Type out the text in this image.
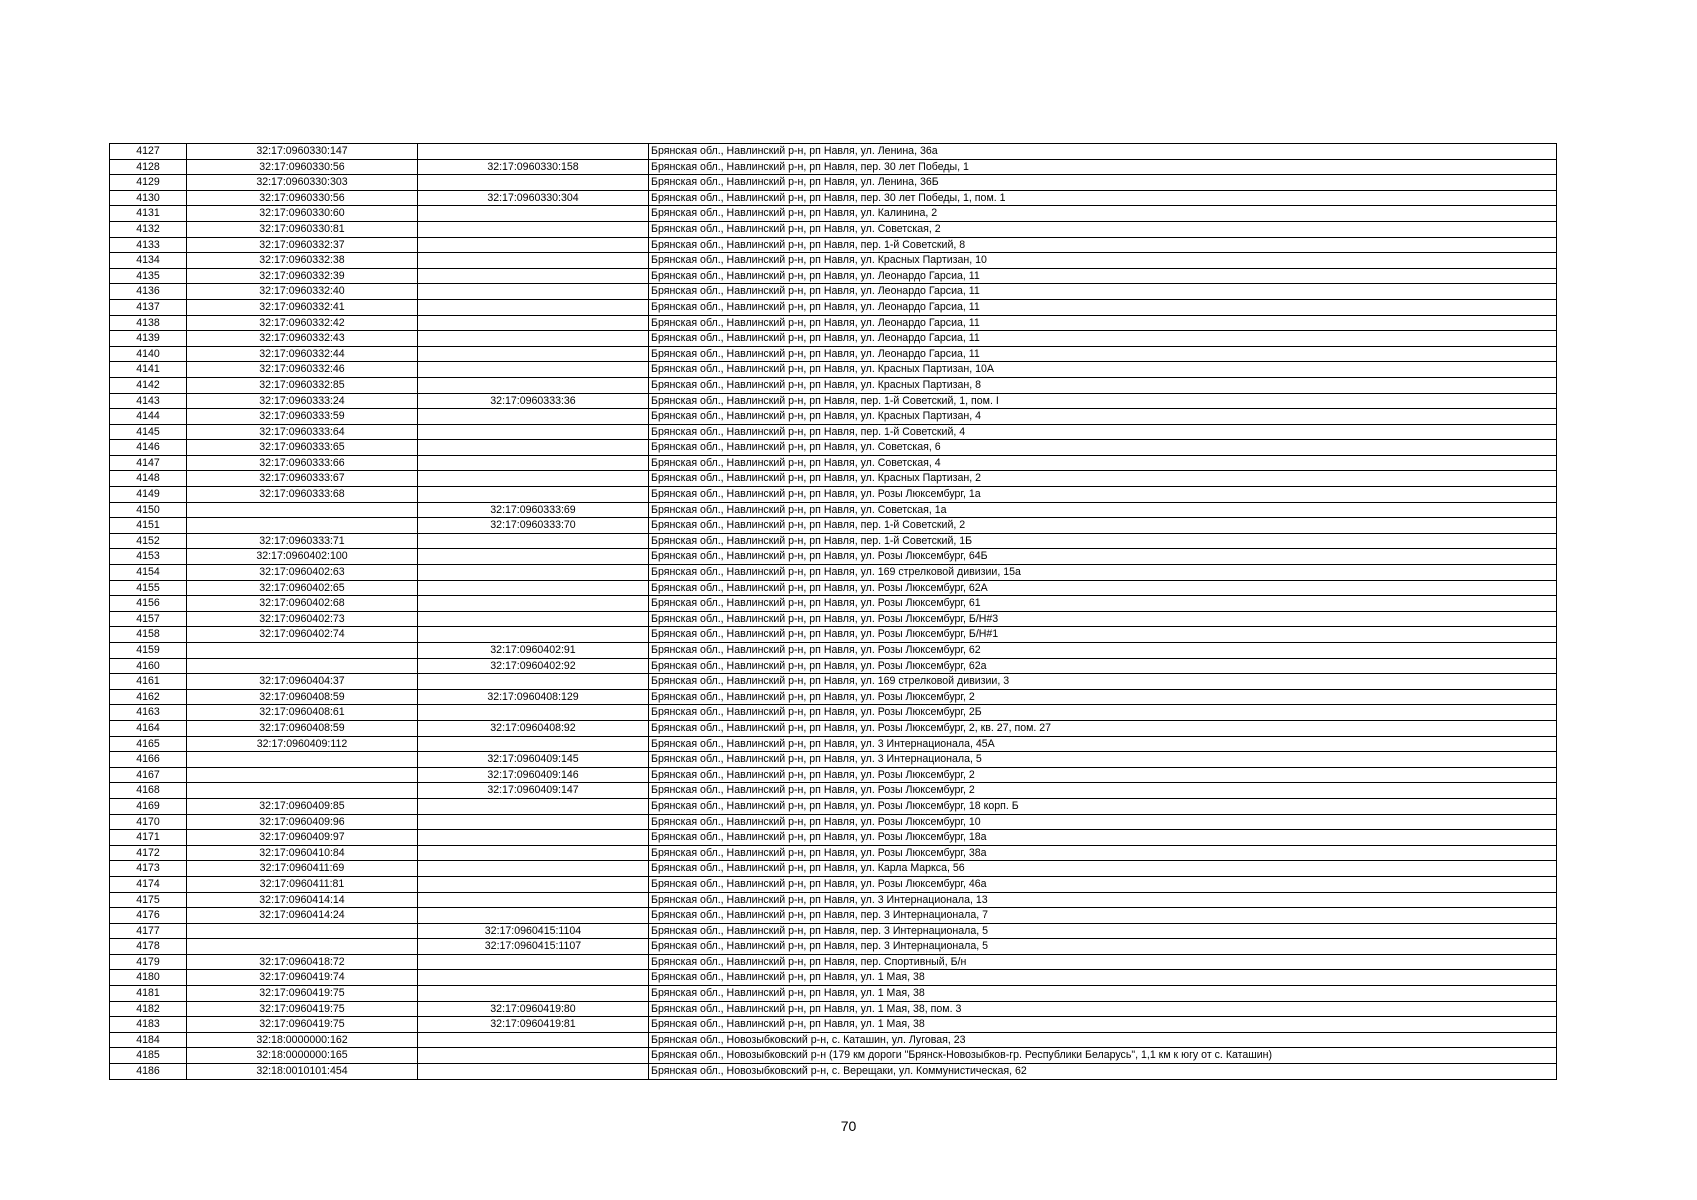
4127	32:17:0960330:147		Брянская обл., Навлинский р-н, рп Навля, ул. Ленина, 36а
4128	32:17:0960330:56	32:17:0960330:158	Брянская обл., Навлинский р-н, рп Навля, пер. 30 лет Победы, 1
4129	32:17:0960330:303		Брянская обл., Навлинский р-н, рп Навля, ул. Ленина, 36Б
4130	32:17:0960330:56	32:17:0960330:304	Брянская обл., Навлинский р-н, рп Навля, пер. 30 лет Победы, 1, пом. 1
4131	32:17:0960330:60		Брянская обл., Навлинский р-н, рп Навля, ул. Калинина, 2
4132	32:17:0960330:81		Брянская обл., Навлинский р-н, рп Навля, ул. Советская, 2
4133	32:17:0960332:37		Брянская обл., Навлинский р-н, рп Навля, пер. 1-й Советский, 8
4134	32:17:0960332:38		Брянская обл., Навлинский р-н, рп Навля, ул. Красных Партизан, 10
4135	32:17:0960332:39		Брянская обл., Навлинский р-н, рп Навля, ул. Леонардо Гарсиа, 11
4136	32:17:0960332:40		Брянская обл., Навлинский р-н, рп Навля, ул. Леонардо Гарсиа, 11
4137	32:17:0960332:41		Брянская обл., Навлинский р-н, рп Навля, ул. Леонардо Гарсиа, 11
4138	32:17:0960332:42		Брянская обл., Навлинский р-н, рп Навля, ул. Леонардо Гарсиа, 11
4139	32:17:0960332:43		Брянская обл., Навлинский р-н, рп Навля, ул. Леонардо Гарсиа, 11
4140	32:17:0960332:44		Брянская обл., Навлинский р-н, рп Навля, ул. Леонардо Гарсиа, 11
4141	32:17:0960332:46		Брянская обл., Навлинский р-н, рп Навля, ул. Красных Партизан, 10А
4142	32:17:0960332:85		Брянская обл., Навлинский р-н, рп Навля, ул. Красных Партизан, 8
4143	32:17:0960333:24	32:17:0960333:36	Брянская обл., Навлинский р-н, рп Навля, пер. 1-й Советский, 1, пом. I
4144	32:17:0960333:59		Брянская обл., Навлинский р-н, рп Навля, ул. Красных Партизан, 4
4145	32:17:0960333:64		Брянская обл., Навлинский р-н, рп Навля, пер. 1-й Советский, 4
4146	32:17:0960333:65		Брянская обл., Навлинский р-н, рп Навля, ул. Советская, 6
4147	32:17:0960333:66		Брянская обл., Навлинский р-н, рп Навля, ул. Советская, 4
4148	32:17:0960333:67		Брянская обл., Навлинский р-н, рп Навля, ул. Красных Партизан, 2
4149	32:17:0960333:68		Брянская обл., Навлинский р-н, рп Навля, ул. Розы Люксембург, 1а
4150		32:17:0960333:69	Брянская обл., Навлинский р-н, рп Навля, ул. Советская, 1а
4151		32:17:0960333:70	Брянская обл., Навлинский р-н, рп Навля, пер. 1-й Советский, 2
4152	32:17:0960333:71		Брянская обл., Навлинский р-н, рп Навля, пер. 1-й Советский, 1Б
4153	32:17:0960402:100		Брянская обл., Навлинский р-н, рп Навля, ул. Розы Люксембург, 64Б
4154	32:17:0960402:63		Брянская обл., Навлинский р-н, рп Навля, ул. 169 стрелковой дивизии, 15а
4155	32:17:0960402:65		Брянская обл., Навлинский р-н, рп Навля, ул. Розы Люксембург, 62А
4156	32:17:0960402:68		Брянская обл., Навлинский р-н, рп Навля, ул. Розы Люксембург, 61
4157	32:17:0960402:73		Брянская обл., Навлинский р-н, рп Навля, ул. Розы Люксембург, Б/Н#3
4158	32:17:0960402:74		Брянская обл., Навлинский р-н, рп Навля, ул. Розы Люксембург, Б/Н#1
4159		32:17:0960402:91	Брянская обл., Навлинский р-н, рп Навля, ул. Розы Люксембург, 62
4160		32:17:0960402:92	Брянская обл., Навлинский р-н, рп Навля, ул. Розы Люксембург, 62а
4161	32:17:0960404:37		Брянская обл., Навлинский р-н, рп Навля, ул. 169 стрелковой дивизии, 3
4162	32:17:0960408:59	32:17:0960408:129	Брянская обл., Навлинский р-н, рп Навля, ул. Розы Люксембург, 2
4163	32:17:0960408:61		Брянская обл., Навлинский р-н, рп Навля, ул. Розы Люксембург, 2Б
4164	32:17:0960408:59	32:17:0960408:92	Брянская обл., Навлинский р-н, рп Навля, ул. Розы Люксембург, 2, кв. 27, пом. 27
4165	32:17:0960409:112		Брянская обл., Навлинский р-н, рп Навля, ул. 3 Интернационала, 45А
4166		32:17:0960409:145	Брянская обл., Навлинский р-н, рп Навля, ул. 3 Интернационала, 5
4167		32:17:0960409:146	Брянская обл., Навлинский р-н, рп Навля, ул. Розы Люксембург, 2
4168		32:17:0960409:147	Брянская обл., Навлинский р-н, рп Навля, ул. Розы Люксембург, 2
4169	32:17:0960409:85		Брянская обл., Навлинский р-н, рп Навля, ул. Розы Люксембург, 18 корп. Б
4170	32:17:0960409:96		Брянская обл., Навлинский р-н, рп Навля, ул. Розы Люксембург, 10
4171	32:17:0960409:97		Брянская обл., Навлинский р-н, рп Навля, ул. Розы Люксембург, 18а
4172	32:17:0960410:84		Брянская обл., Навлинский р-н, рп Навля, ул. Розы Люксембург, 38а
4173	32:17:0960411:69		Брянская обл., Навлинский р-н, рп Навля, ул. Карла Маркса, 56
4174	32:17:0960411:81		Брянская обл., Навлинский р-н, рп Навля, ул. Розы Люксембург, 46а
4175	32:17:0960414:14		Брянская обл., Навлинский р-н, рп Навля, ул. 3 Интернационала, 13
4176	32:17:0960414:24		Брянская обл., Навлинский р-н, рп Навля, пер. 3 Интернационала, 7
4177		32:17:0960415:1104	Брянская обл., Навлинский р-н, рп Навля, пер. 3 Интернационала, 5
4178		32:17:0960415:1107	Брянская обл., Навлинский р-н, рп Навля, пер. 3 Интернационала, 5
4179	32:17:0960418:72		Брянская обл., Навлинский р-н, рп Навля, пер. Спортивный, Б/н
4180	32:17:0960419:74		Брянская обл., Навлинский р-н, рп Навля, ул. 1 Мая, 38
4181	32:17:0960419:75		Брянская обл., Навлинский р-н, рп Навля, ул. 1 Мая, 38
4182	32:17:0960419:75	32:17:0960419:80	Брянская обл., Навлинский р-н, рп Навля, ул. 1 Мая, 38, пом. 3
4183	32:17:0960419:75	32:17:0960419:81	Брянская обл., Навлинский р-н, рп Навля, ул. 1 Мая, 38
4184	32:18:0000000:162		Брянская обл., Новозыбковский р-н, с. Каташин, ул. Луговая, 23
4185	32:18:0000000:165		Брянская обл., Новозыбковский р-н (179 км дороги "Брянск-Новозыбков-гр. Республики Беларусь", 1,1 км к югу от с. Каташин)
4186	32:18:0010101:454		Брянская обл., Новозыбковский р-н, с. Верещаки, ул. Коммунистическая, 62
70
